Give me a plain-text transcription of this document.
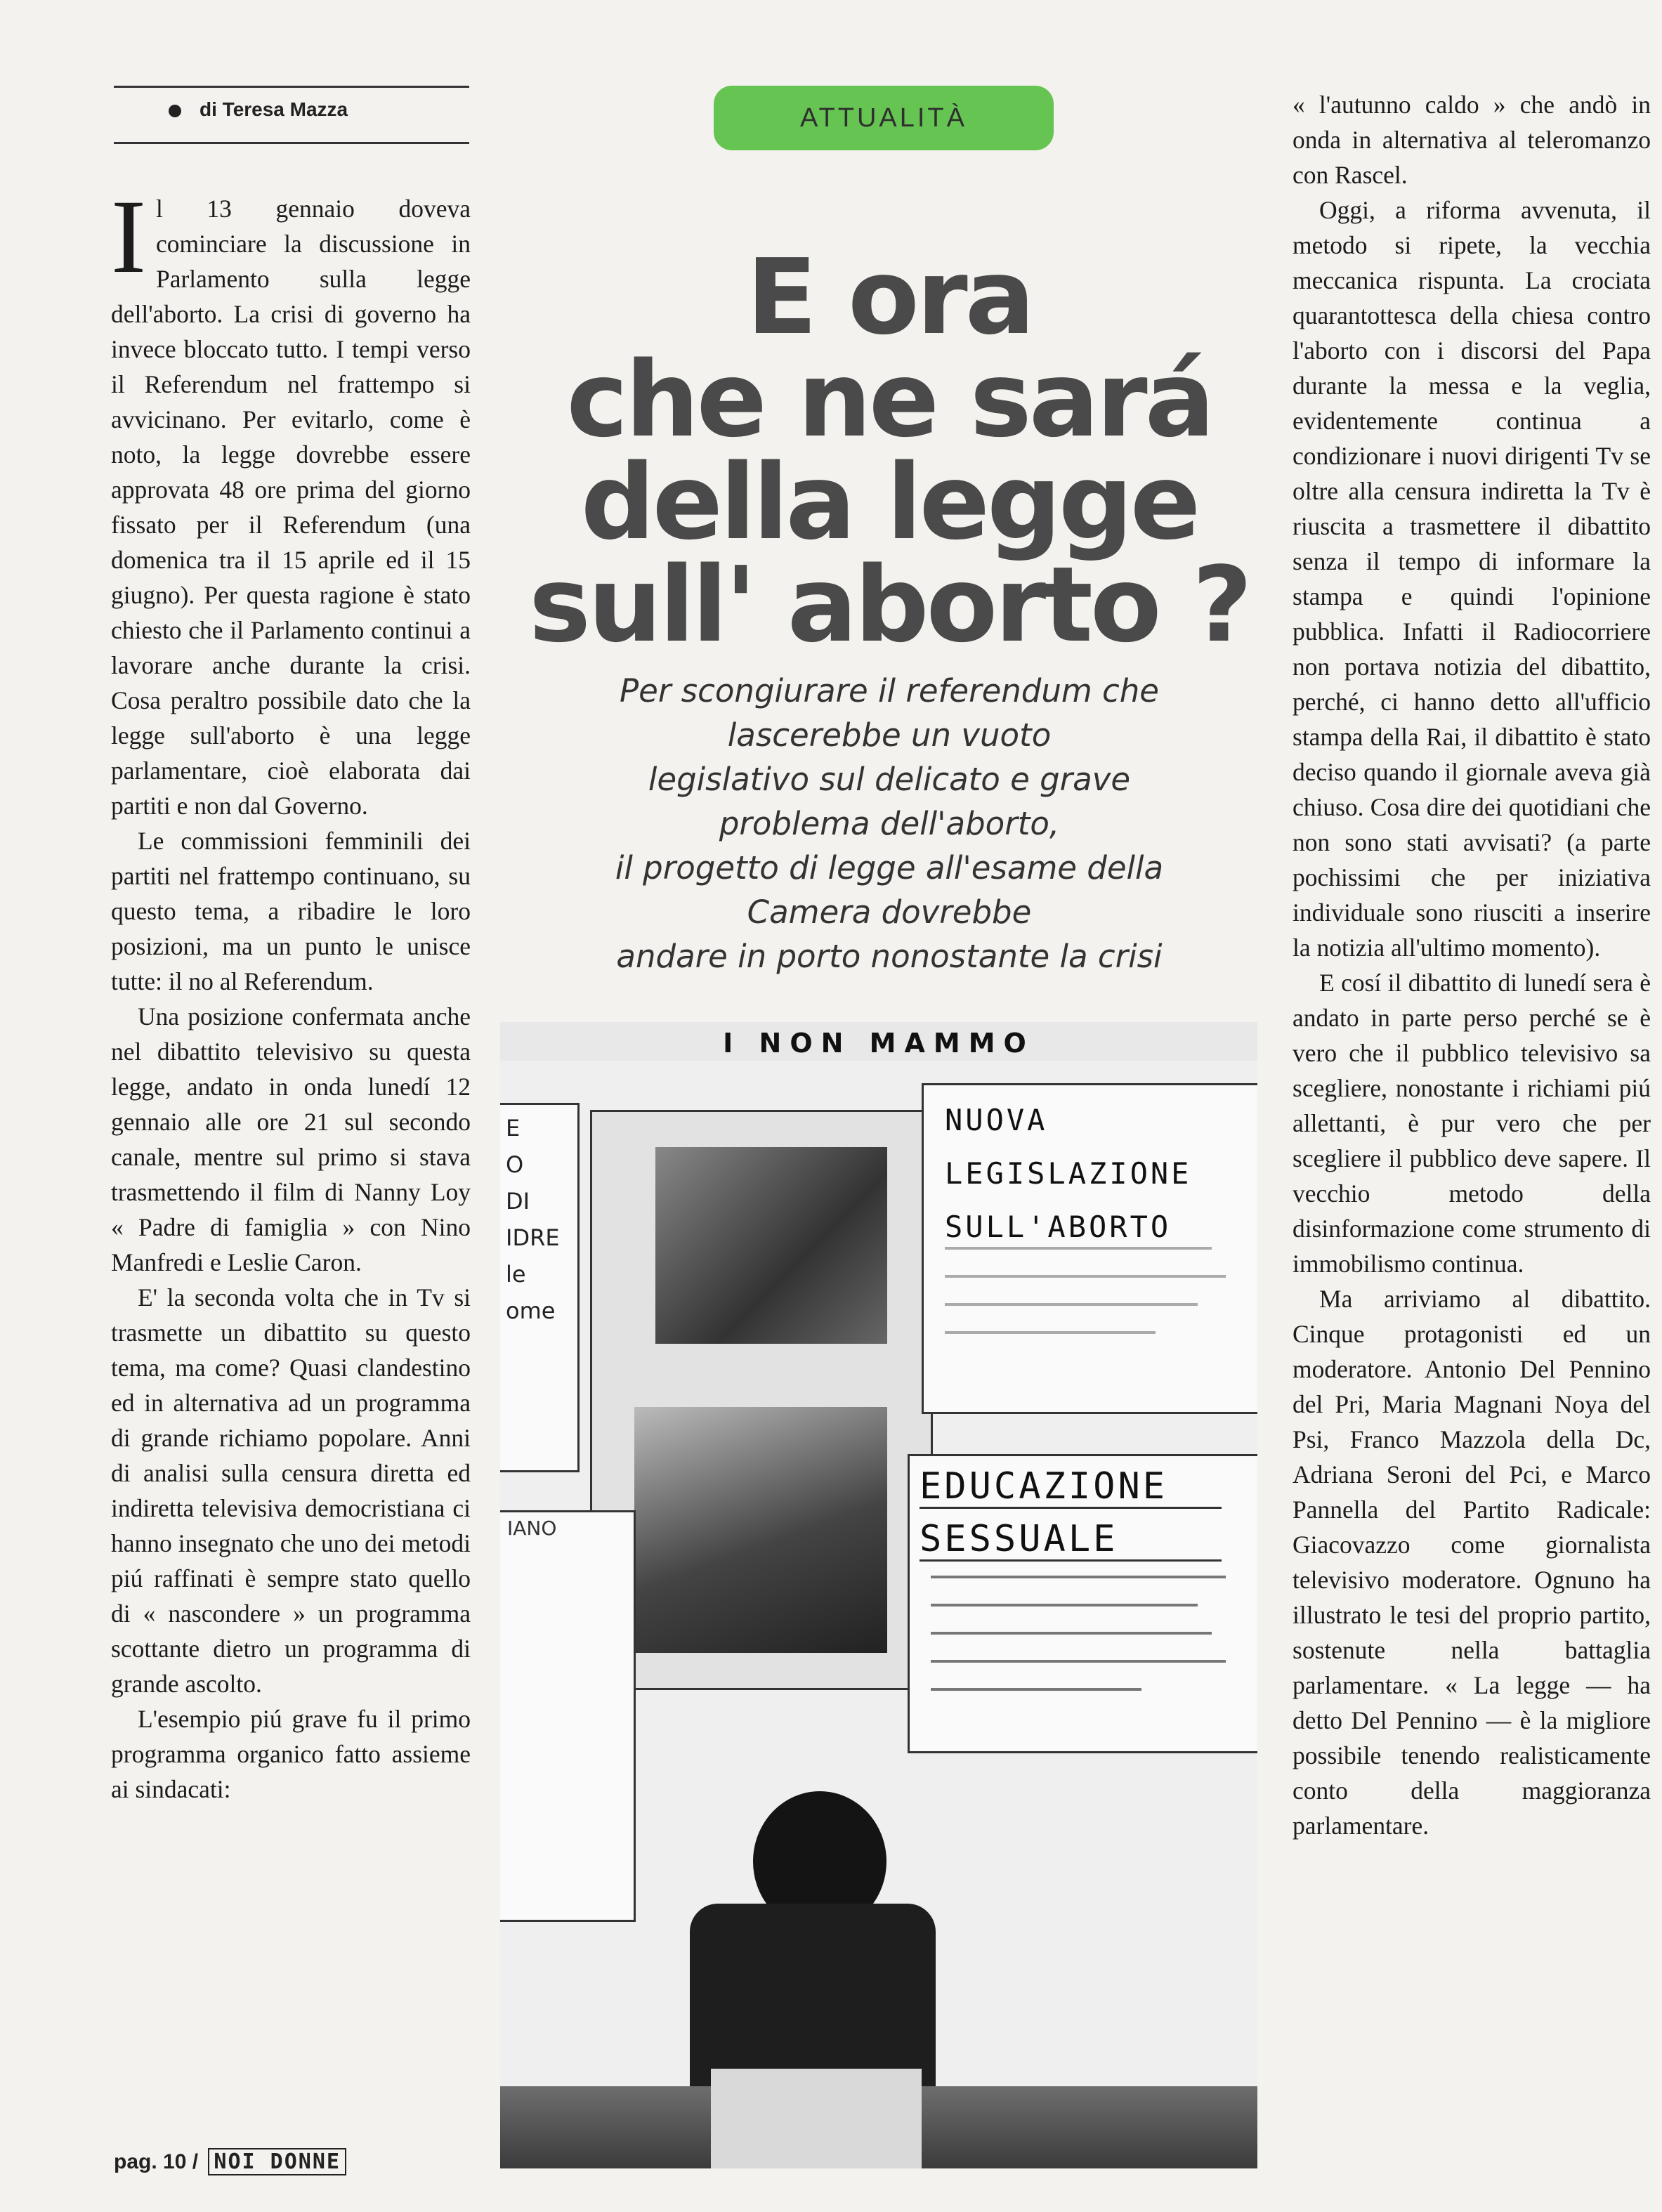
di Teresa Mazza

Il 13 gennaio doveva cominciare la discussione in Parlamento sulla legge dell'aborto. La crisi di governo ha invece bloccato tutto. I tempi verso il Referendum nel frattempo si avvicinano. Per evitarlo, come è noto, la legge dovrebbe essere approvata 48 ore prima del giorno fissato per il Referendum (una domenica tra il 15 aprile ed il 15 giugno). Per questa ragione è stato chiesto che il Parlamento continui a lavorare anche durante la crisi. Cosa peraltro possibile dato che la legge sull'aborto è una legge parlamentare, cioè elaborata dai partiti e non dal Governo.

Le commissioni femminili dei partiti nel frattempo continuano, su questo tema, a ribadire le loro posizioni, ma un punto le unisce tutte: il no al Referendum.

Una posizione confermata anche nel dibattito televisivo su questa legge, andato in onda lunedí 12 gennaio alle ore 21 sul secondo canale, mentre sul primo si stava trasmettendo il film di Nanny Loy « Padre di famiglia » con Nino Manfredi e Leslie Caron.

E' la seconda volta che in Tv si trasmette un dibattito su questo tema, ma come? Quasi clandestino ed in alternativa ad un programma di grande richiamo popolare. Anni di analisi sulla censura diretta ed indiretta televisiva democristiana ci hanno insegnato che uno dei metodi piú raffinati è sempre stato quello di « nascondere » un programma scottante dietro un programma di grande ascolto.

L'esempio piú grave fu il primo programma organico fatto assieme ai sindacati:

ATTUALITÀ
E ora
che ne sará
della legge
sull' aborto ?

Per scongiurare il referendum che
lascerebbe un vuoto
legislativo sul delicato e grave
problema dell'aborto,
il progetto di legge all'esame della
Camera dovrebbe
andare in porto nonostante la crisi

I NON MAMMO
E
O
DI
IDRE
le
ome
NUOVA
LEGISLAZIONE
SULL'ABORTO
EDUCAZIONE
SESSUALE
IANO

« l'autunno caldo » che andò in onda in alternativa al teleromanzo con Rascel.

Oggi, a riforma avvenuta, il metodo si ripete, la vecchia meccanica rispunta. La crociata quarantottesca della chiesa contro l'aborto con i discorsi del Papa durante la messa e la veglia, evidentemente continua a condizionare i nuovi dirigenti Tv se oltre alla censura indiretta la Tv è riuscita a trasmettere il dibattito senza il tempo di informare la stampa e quindi l'opinione pubblica. Infatti il Radiocorriere non portava notizia del dibattito, perché, ci hanno detto all'ufficio stampa della Rai, il dibattito è stato deciso quando il giornale aveva già chiuso. Cosa dire dei quotidiani che non sono stati avvisati? (a parte pochissimi che per iniziativa individuale sono riusciti a inserire la notizia all'ultimo momento).

E cosí il dibattito di lunedí sera è andato in parte perso perché se è vero che il pubblico televisivo sa scegliere, nonostante i richiami piú allettanti, è pur vero che per scegliere il pubblico deve sapere. Il vecchio metodo della disinformazione come strumento di immobilismo continua.

Ma arriviamo al dibattito. Cinque protagonisti ed un moderatore. Antonio Del Pennino del Pri, Maria Magnani Noya del Psi, Franco Mazzola della Dc, Adriana Seroni del Pci, e Marco Pannella del Partito Radicale: Giacovazzo come giornalista televisivo moderatore. Ognuno ha illustrato le tesi del proprio partito, sostenute nella battaglia parlamentare. « La legge — ha detto Del Pennino — è la migliore possibile tenendo realisticamente conto della maggioranza parlamentare.

pag. 10 / NOI DONNE
